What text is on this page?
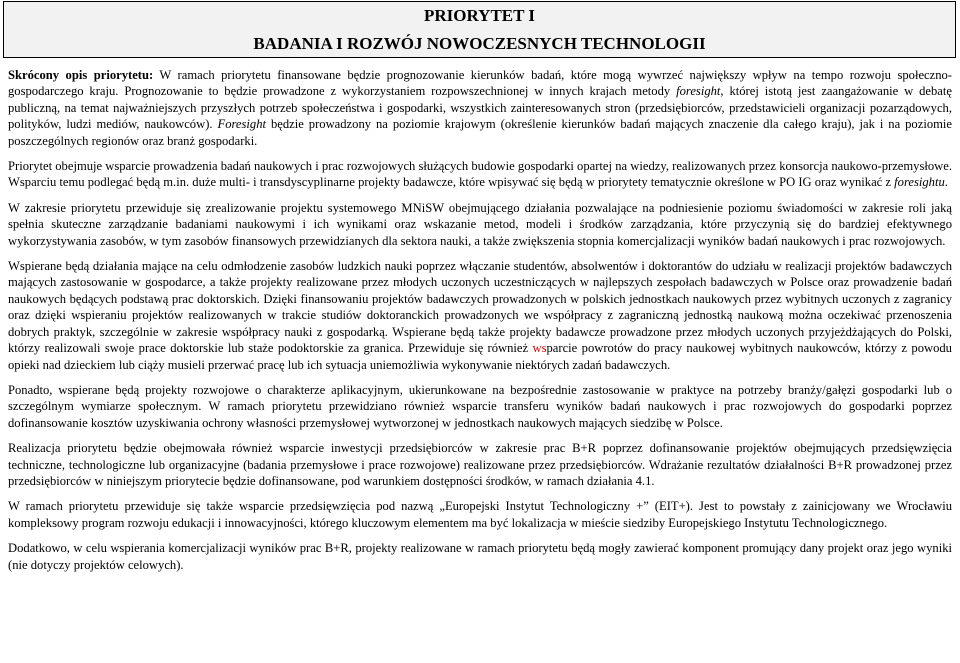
PRIORYTET I
BADANIA I ROZWÓJ NOWOCZESNYCH TECHNOLOGII

Skrócony opis priorytetu: W ramach priorytetu finansowane będzie prognozowanie kierunków badań, które mogą wywrzeć największy wpływ na tempo rozwoju społeczno-gospodarczego kraju. Prognozowanie to będzie prowadzone z wykorzystaniem rozpowszechnionej w innych krajach metody foresight, której istotą jest zaangażowanie w debatę publiczną, na temat najważniejszych przyszłych potrzeb społeczeństwa i gospodarki, wszystkich zainteresowanych stron (przedsiębiorców, przedstawicieli organizacji pozarządowych, polityków, ludzi mediów, naukowców). Foresight będzie prowadzony na poziomie krajowym (określenie kierunków badań mających znaczenie dla całego kraju), jak i na poziomie poszczególnych regionów oraz branż gospodarki.

Priorytet obejmuje wsparcie prowadzenia badań naukowych i prac rozwojowych służących budowie gospodarki opartej na wiedzy, realizowanych przez konsorcja naukowo-przemysłowe. Wsparciu temu podlegać będą m.in. duże multi- i transdyscyplinarne projekty badawcze, które wpisywać się będą w priorytety tematycznie określone w PO IG oraz wynikać z foresightu.

W zakresie priorytetu przewiduje się zrealizowanie projektu systemowego MNiSW obejmującego działania pozwalające na podniesienie poziomu świadomości w zakresie roli jaką spełnia skuteczne zarządzanie badaniami naukowymi i ich wynikami oraz wskazanie metod, modeli i środków zarządzania, które przyczynią się do bardziej efektywnego wykorzystywania zasobów, w tym zasobów finansowych przewidzianych dla sektora nauki, a także zwiększenia stopnia komercjalizacji wyników badań naukowych i prac rozwojowych.

Wspierane będą działania mające na celu odmłodzenie zasobów ludzkich nauki poprzez włączanie studentów, absolwentów i doktorantów do udziału w realizacji projektów badawczych mających zastosowanie w gospodarce, a także projekty realizowane przez młodych uczonych uczestniczących w najlepszych zespołach badawczych w Polsce oraz prowadzenie badań naukowych będących podstawą prac doktorskich. Dzięki finansowaniu projektów badawczych prowadzonych w polskich jednostkach naukowych przez wybitnych uczonych z zagranicy oraz dzięki wspieraniu projektów realizowanych w trakcie studiów doktoranckich prowadzonych we współpracy z zagraniczną jednostką naukową można oczekiwać przenoszenia dobrych praktyk, szczególnie w zakresie współpracy nauki z gospodarką. Wspierane będą także projekty badawcze prowadzone przez młodych uczonych przyjeżdżających do Polski, którzy realizowali swoje prace doktorskie lub staże podoktorskie za granica. Przewiduje się również wsparcie powrotów do pracy naukowej wybitnych naukowców, którzy z powodu opieki nad dzieckiem lub ciąży musieli przerwać pracę lub ich sytuacja uniemożliwia wykonywanie niektórych zadań badawczych.

Ponadto, wspierane będą projekty rozwojowe o charakterze aplikacyjnym, ukierunkowane na bezpośrednie zastosowanie w praktyce na potrzeby branży/gałęzi gospodarki lub o szczególnym wymiarze społecznym. W ramach priorytetu przewidziano również wsparcie transferu wyników badań naukowych i prac rozwojowych do gospodarki poprzez dofinansowanie kosztów uzyskiwania ochrony własności przemysłowej wytworzonej w jednostkach naukowych mających siedzibę w Polsce.

Realizacja priorytetu będzie obejmowała również wsparcie inwestycji przedsiębiorców w zakresie prac B+R poprzez dofinansowanie projektów obejmujących przedsięwzięcia techniczne, technologiczne lub organizacyjne (badania przemysłowe i prace rozwojowe) realizowane przez przedsiębiorców. Wdrażanie rezultatów działalności B+R prowadzonej przez przedsiębiorców w niniejszym priorytecie będzie dofinansowane, pod warunkiem dostępności środków, w ramach działania 4.1.

W ramach priorytetu przewiduje się także wsparcie przedsięwzięcia pod nazwą „Europejski Instytut Technologiczny +” (EIT+). Jest to powstały z zainicjowany we Wrocławiu kompleksowy program rozwoju edukacji i innowacyjności, którego kluczowym elementem ma być lokalizacja w mieście siedziby Europejskiego Instytutu Technologicznego.

Dodatkowo, w celu wspierania komercjalizacji wyników prac B+R, projekty realizowane w ramach priorytetu będą mogły zawierać komponent promujący dany projekt oraz jego wyniki (nie dotyczy projektów celowych).
